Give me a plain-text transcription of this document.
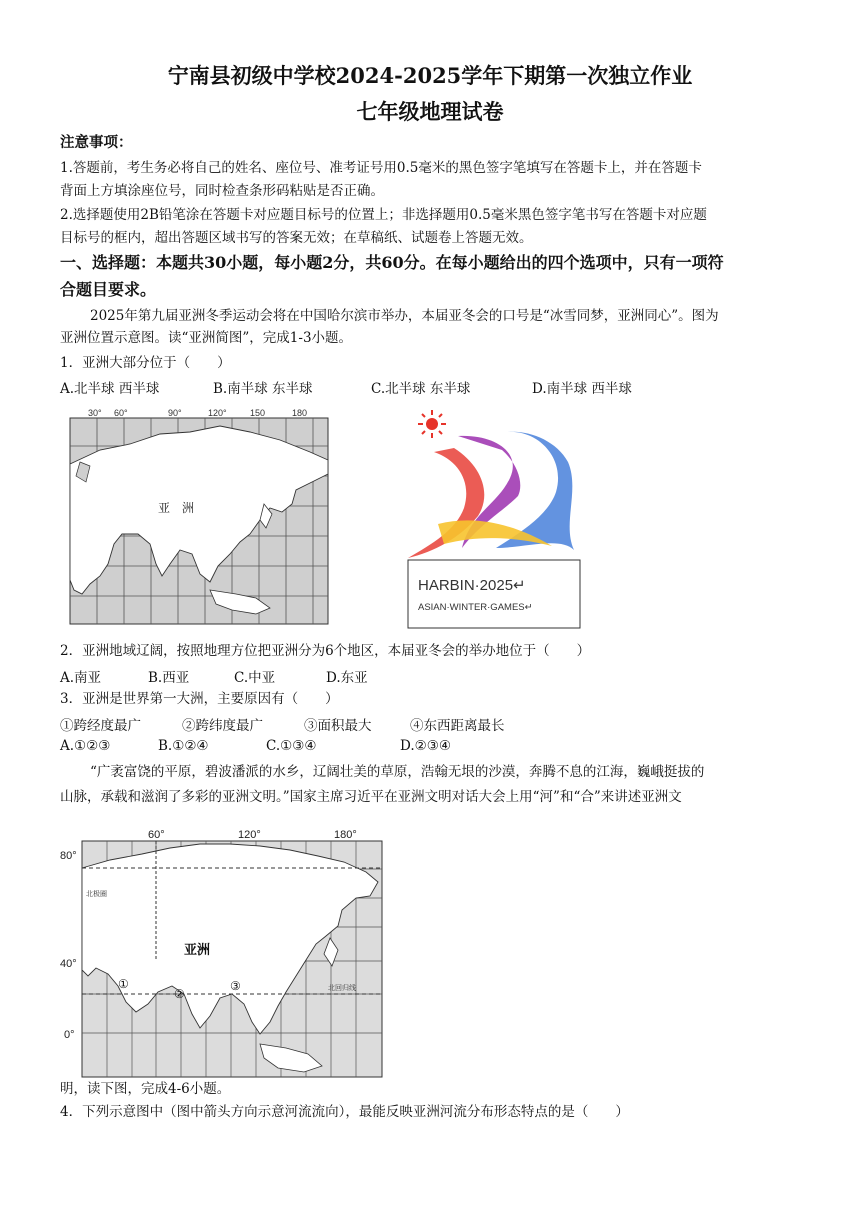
宁南县初级中学校2024-2025学年下期第一次独立作业
七年级地理试卷
注意事项：
1.答题前，考生务必将自己的姓名、座位号、准考证号用0.5毫米的黑色签字笔填写在答题卡上，并在答题卡
背面上方填涂座位号，同时检查条形码粘贴是否正确。
2.选择题使用2B铅笔涂在答题卡对应题目标号的位置上；非选择题用0.5毫米黑色签字笔书写在答题卡对应题
目标号的框内，超出答题区域书写的答案无效；在草稿纸、试题卷上答题无效。
一、选择题：本题共30小题，每小题2分，共60分。在每小题给出的四个选项中，只有一项符
合题目要求。
2025年第九届亚洲冬季运动会将在中国哈尔滨市举办，本届亚冬会的口号是“冰雪同梦，亚洲同心”。图为
亚洲位置示意图。读“亚洲简图”，完成1-3小题。
1．亚洲大部分位于（　　）
A.北半球 西半球	B.南半球 东半球	C.北半球 东半球	D.南半球 西半球
30° 60°	90°	120°	150	180
亚　洲
HARBIN·2025↵
ASIAN·WINTER·GAMES↵
2．亚洲地域辽阔，按照地理方位把亚洲分为6个地区，本届亚冬会的举办地位于（　　）
A.南亚	B.西亚	C.中亚	D.东亚
3．亚洲是世界第一大洲，主要原因有（　　）
①跨经度最广	②跨纬度最广	③面积最大	④东西距离最长
A.①②③	B.①②④	C.①③④	D.②③④
“广袤富饶的平原，碧波潘派的水乡，辽阔壮美的草原，浩翰无垠的沙漠，奔腾不息的江海，巍峨挺拔的
山脉，承载和滋润了多彩的亚洲文明。”国家主席习近平在亚洲文明对话大会上用“河”和“合”来讲述亚洲文
60°	120°	180°
80°
40°
0°
北极圈
北回归线
亚洲
①
②
③
明，读下图，完成4-6小题。
4．下列示意图中（图中箭头方向示意河流流向），最能反映亚洲河流分布形态特点的是（　　）
